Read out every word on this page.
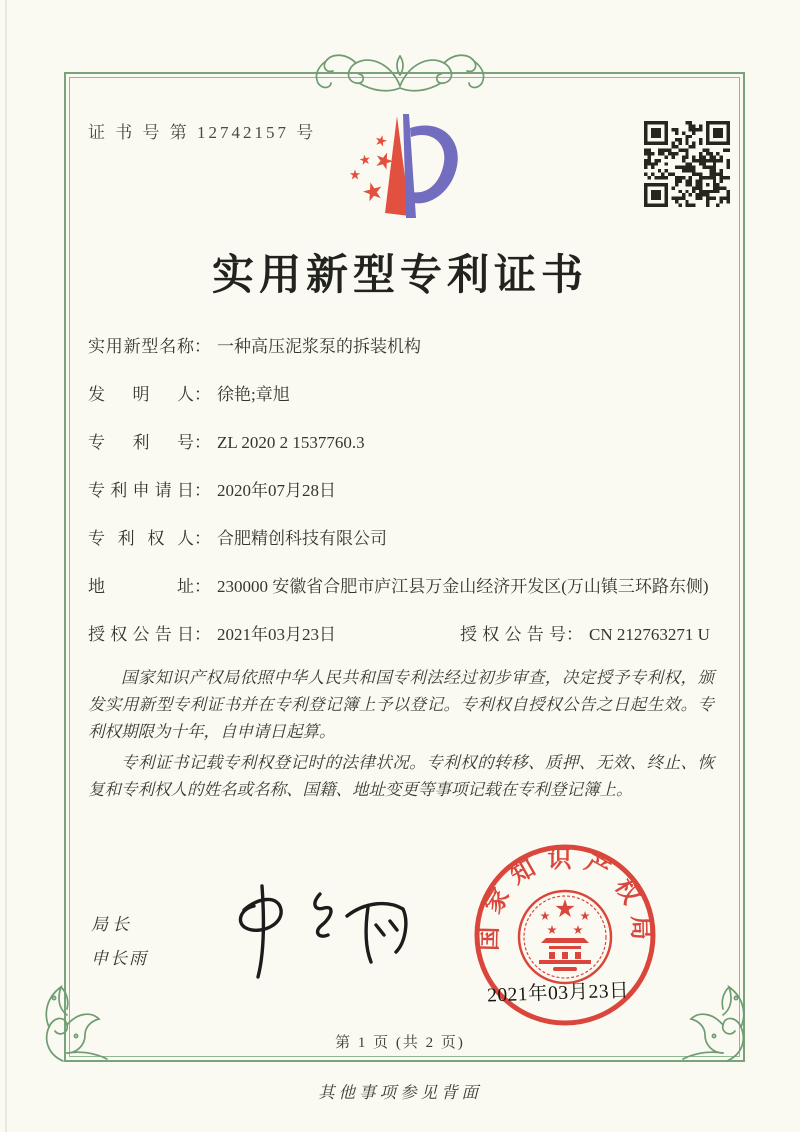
证 书 号 第 12742157 号
实用新型专利证书
实用新型名称 ： 一种高压泥浆泵的拆装机构
发明人 ： 徐艳;章旭
专利号 ： ZL 2020 2 1537760.3
专利申请日 ： 2020年07月28日
专利权人 ： 合肥精创科技有限公司
地址 ： 230000 安徽省合肥市庐江县万金山经济开发区(万山镇三环路东侧)
授权公告日 ： 2021年03月23日	授权公告号 ： CN 212763271 U

国家知识产权局依照中华人民共和国专利法经过初步审查，决定授予专利权，颁发实用新型专利证书并在专利登记簿上予以登记。专利权自授权公告之日起生效。专利权期限为十年，自申请日起算。

专利证书记载专利权登记时的法律状况。专利权的转移、质押、无效、终止、恢复和专利权人的姓名或名称、国籍、地址变更等事项记载在专利登记簿上。

局长
申长雨
国家知识产权局
2021年03月23日
第 1 页 (共 2 页)
其他事项参见背面
